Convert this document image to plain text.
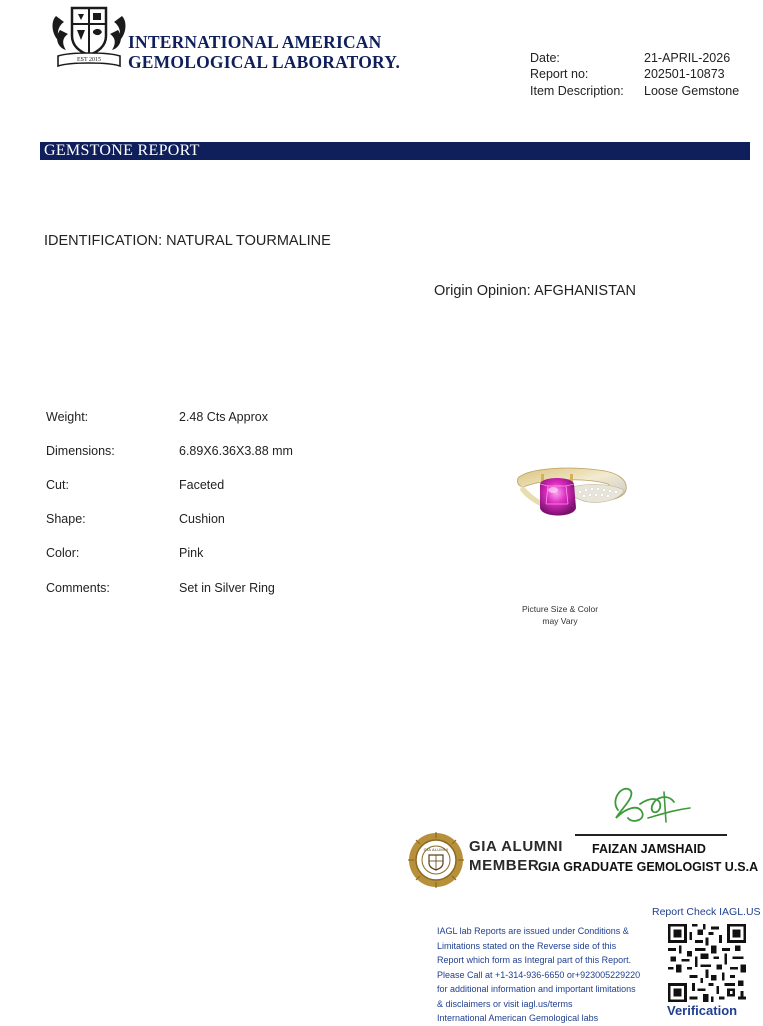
EST 2015
INTERNATIONAL AMERICAN
GEMOLOGICAL LABORATORY.	Date:	21-APRIL-2026
Report no:	202501-10873
Item Description: Loose Gemstone
GEMSTONE REPORT
IDENTIFICATION: NATURAL TOURMALINE
Origin Opinion: AFGHANISTAN
Weight:	2.48 Cts Approx
Dimensions:	6.89X6.36X3.88 mm
Cut:	Faceted
Shape:	Cushion
Color:	Pink
Comments:	Set in Silver Ring
Picture Size & Color
may Vary
FAIZAN JAMSHAID
GIA GRADUATE GEMOLOGIST U.S.A
GIA ALUMNI GIA ALUMNI
MEMBER
Report Check IAGL.US
Verification
IAGL lab Reports are issued under Conditions &
Limitations stated on the Reverse side of this
Report which form as Integral part of this Report.
Please Call at +1-314-936-6650 or+923005229220
for additional information and important limitations
& disclaimers or visit iagl.us/terms
International American Gemological labs
